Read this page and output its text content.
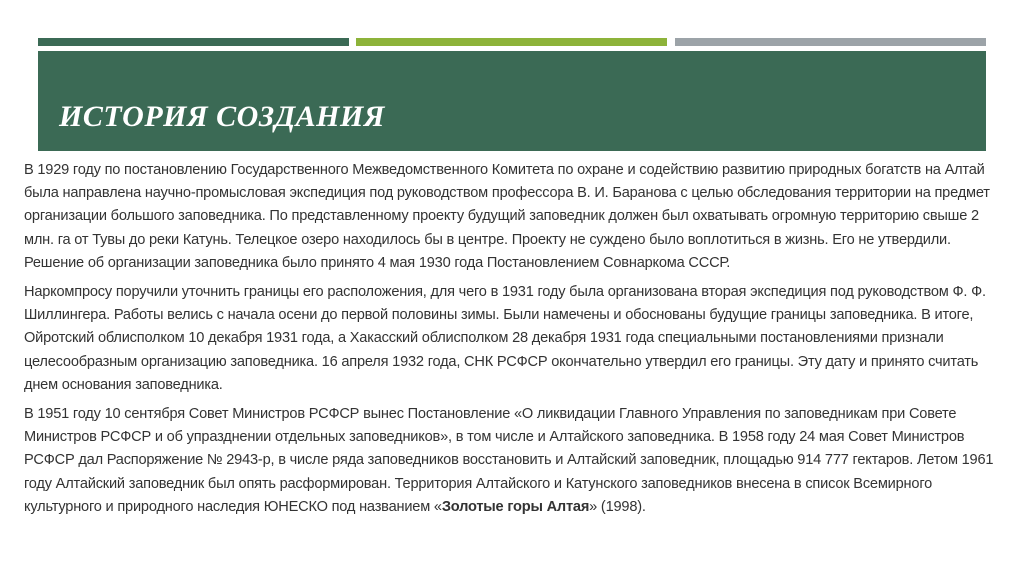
ИСТОРИЯ СОЗДАНИЯ

В 1929 году по постановлению Государственного Межведомственного Комитета по охране и содействию развитию природных богатств на Алтай была направлена научно-промысловая экспедиция под руководством профессора В. И. Баранова с целью обследования территории на предмет организации большого заповедника. По представленному проекту будущий заповедник должен был охватывать огромную территорию свыше 2 млн. га от Тувы до реки Катунь. Телецкое озеро находилось бы в центре. Проекту не суждено было воплотиться в жизнь. Его не утвердили. Решение об организации заповедника было принято 4 мая 1930 года Постановлением Совнаркома СССР.

Наркомпросу поручили уточнить границы его расположения, для чего в 1931 году была организована вторая экспедиция под руководством Ф. Ф. Шиллингера. Работы велись с начала осени до первой половины зимы. Были намечены и обоснованы будущие границы заповедника. В итоге, Ойротский облисполком 10 декабря 1931 года, а Хакасский облисполком 28 декабря 1931 года специальными постановлениями признали целесообразным организацию заповедника. 16 апреля 1932 года, СНК РСФСР окончательно утвердил его границы. Эту дату и принято считать днем основания заповедника.

В 1951 году 10 сентября Совет Министров РСФСР вынес Постановление «О ликвидации Главного Управления по заповедникам при Совете Министров РСФСР и об упразднении отдельных заповедников», в том числе и Алтайского заповедника. В 1958 году 24 мая Совет Министров РСФСР дал Распоряжение № 2943-р, в числе ряда заповедников восстановить и Алтайский заповедник, площадью 914 777 гектаров. Летом 1961 году Алтайский заповедник был опять расформирован. Территория Алтайского и Катунского заповедников внесена в список Всемирного культурного и природного наследия ЮНЕСКО под названием «Золотые горы Алтая» (1998).
